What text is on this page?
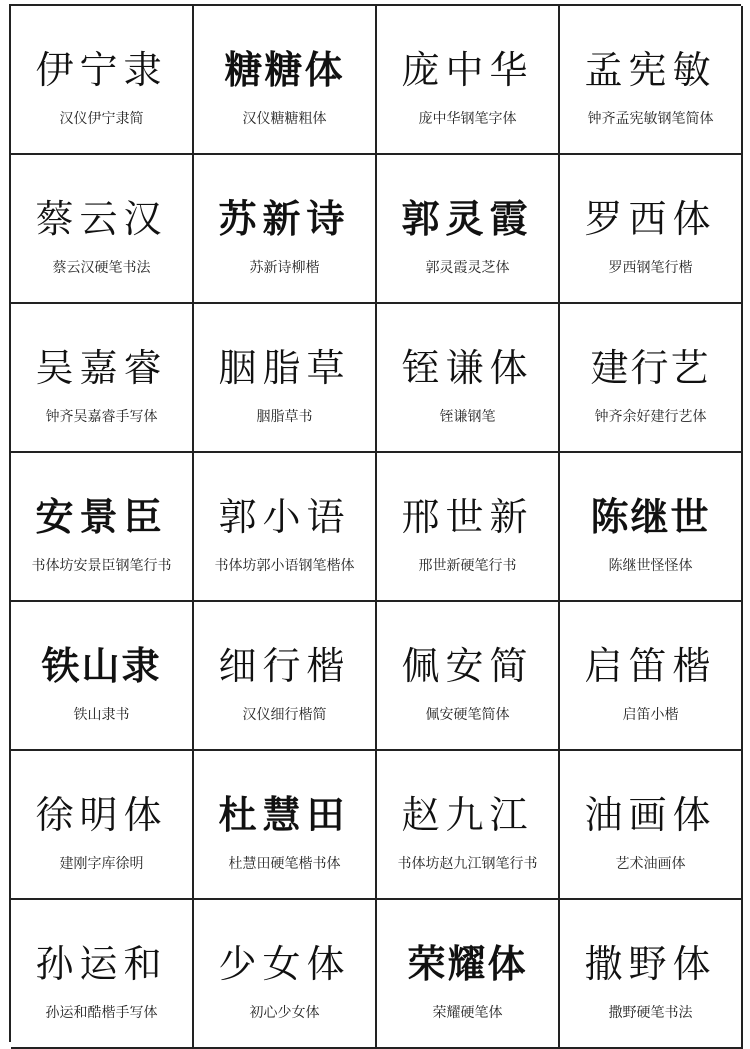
伊宁隶
汉仪伊宁隶简
糖糖体
汉仪糖糖粗体
庞中华
庞中华钢笔字体
孟宪敏
钟齐孟宪敏钢笔简体
蔡云汉
蔡云汉硬笔书法
苏新诗
苏新诗柳楷
郭灵霞
郭灵霞灵芝体
罗西体
罗西钢笔行楷
吴嘉睿
钟齐吴嘉睿手写体
胭脂草
胭脂草书
铚谦体
铚谦钢笔
建行艺
钟齐余好建行艺体
安景臣
书体坊安景臣钢笔行书
郭小语
书体坊郭小语钢笔楷体
邢世新
邢世新硬笔行书
陈继世
陈继世怪怪体
铁山隶
铁山隶书
细行楷
汉仪细行楷简
佩安简
佩安硬笔简体
启笛楷
启笛小楷
徐明体
建刚字库徐明
杜慧田
杜慧田硬笔楷书体
赵九江
书体坊赵九江钢笔行书
油画体
艺术油画体
孙运和
孙运和酷楷手写体
少女体
初心少女体
荣耀体
荣耀硬笔体
撒野体
撒野硬笔书法
